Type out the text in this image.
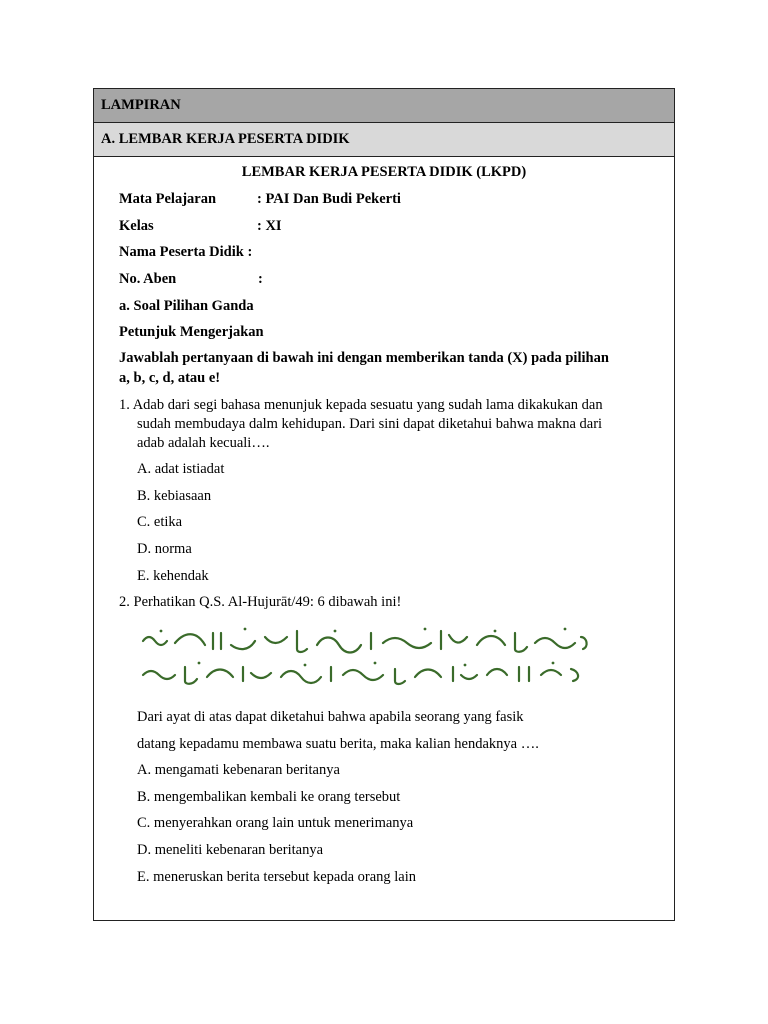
LAMPIRAN
A. LEMBAR KERJA PESERTA DIDIK
LEMBAR KERJA PESERTA DIDIK (LKPD)
Mata Pelajaran	: PAI Dan Budi Pekerti
Kelas	: XI
Nama Peserta Didik :
No. Aben	:
a. Soal Pilihan Ganda
Petunjuk Mengerjakan
Jawablah pertanyaan di bawah ini dengan memberikan tanda (X) pada pilihan
a, b, c, d, atau e!
1. Adab dari segi bahasa menunjuk kepada sesuatu yang sudah lama dikakukan dan
sudah membudaya dalm kehidupan. Dari sini dapat diketahui bahwa makna dari
adab adalah kecuali….
A. adat istiadat
B. kebiasaan
C. etika
D. norma
E. kehendak
2. Perhatikan Q.S. Al-Hujurāt/49: 6 dibawah ini!
Dari ayat di atas dapat diketahui bahwa apabila seorang yang fasik
datang kepadamu membawa suatu berita, maka kalian hendaknya ….
A. mengamati kebenaran beritanya
B. mengembalikan kembali ke orang tersebut
C. menyerahkan orang lain untuk menerimanya
D. meneliti kebenaran beritanya
E. meneruskan berita tersebut kepada orang lain
